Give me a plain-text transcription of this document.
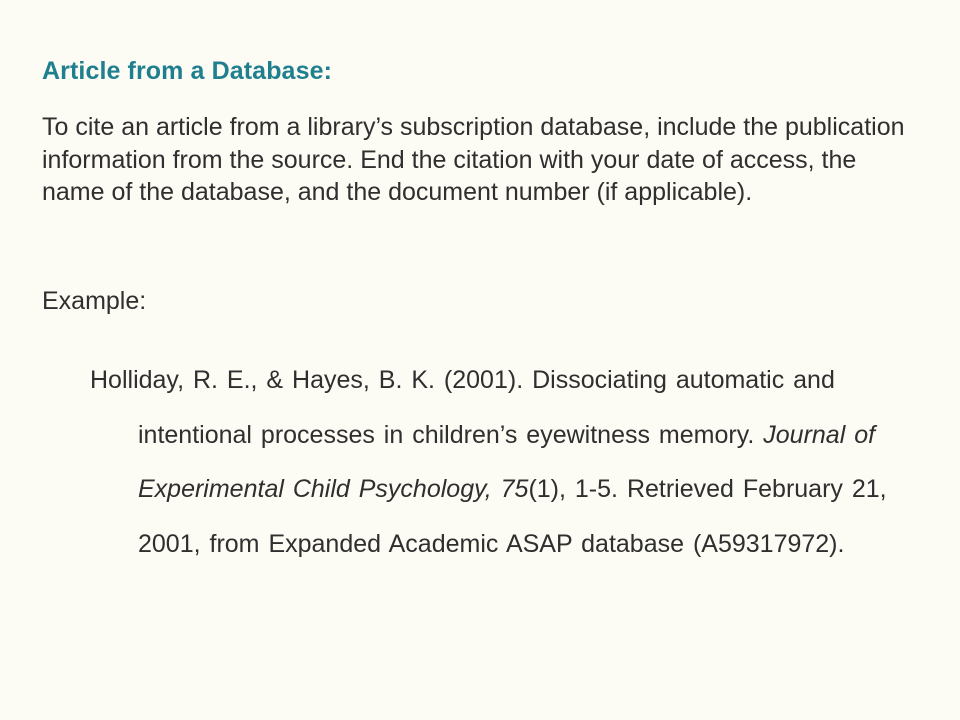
Article from a Database:

To cite an article from a library’s subscription database, include the publication information from the source. End the citation with your date of access, the name of the database, and the document number (if applicable).

Example:

Holliday, R. E., & Hayes, B. K. (2001). Dissociating automatic andintentional processes in children’s eyewitness memory. Journal ofExperimental Child Psychology, 75(1), 1-5. Retrieved February 21,2001, from Expanded Academic ASAP database (A59317972).
